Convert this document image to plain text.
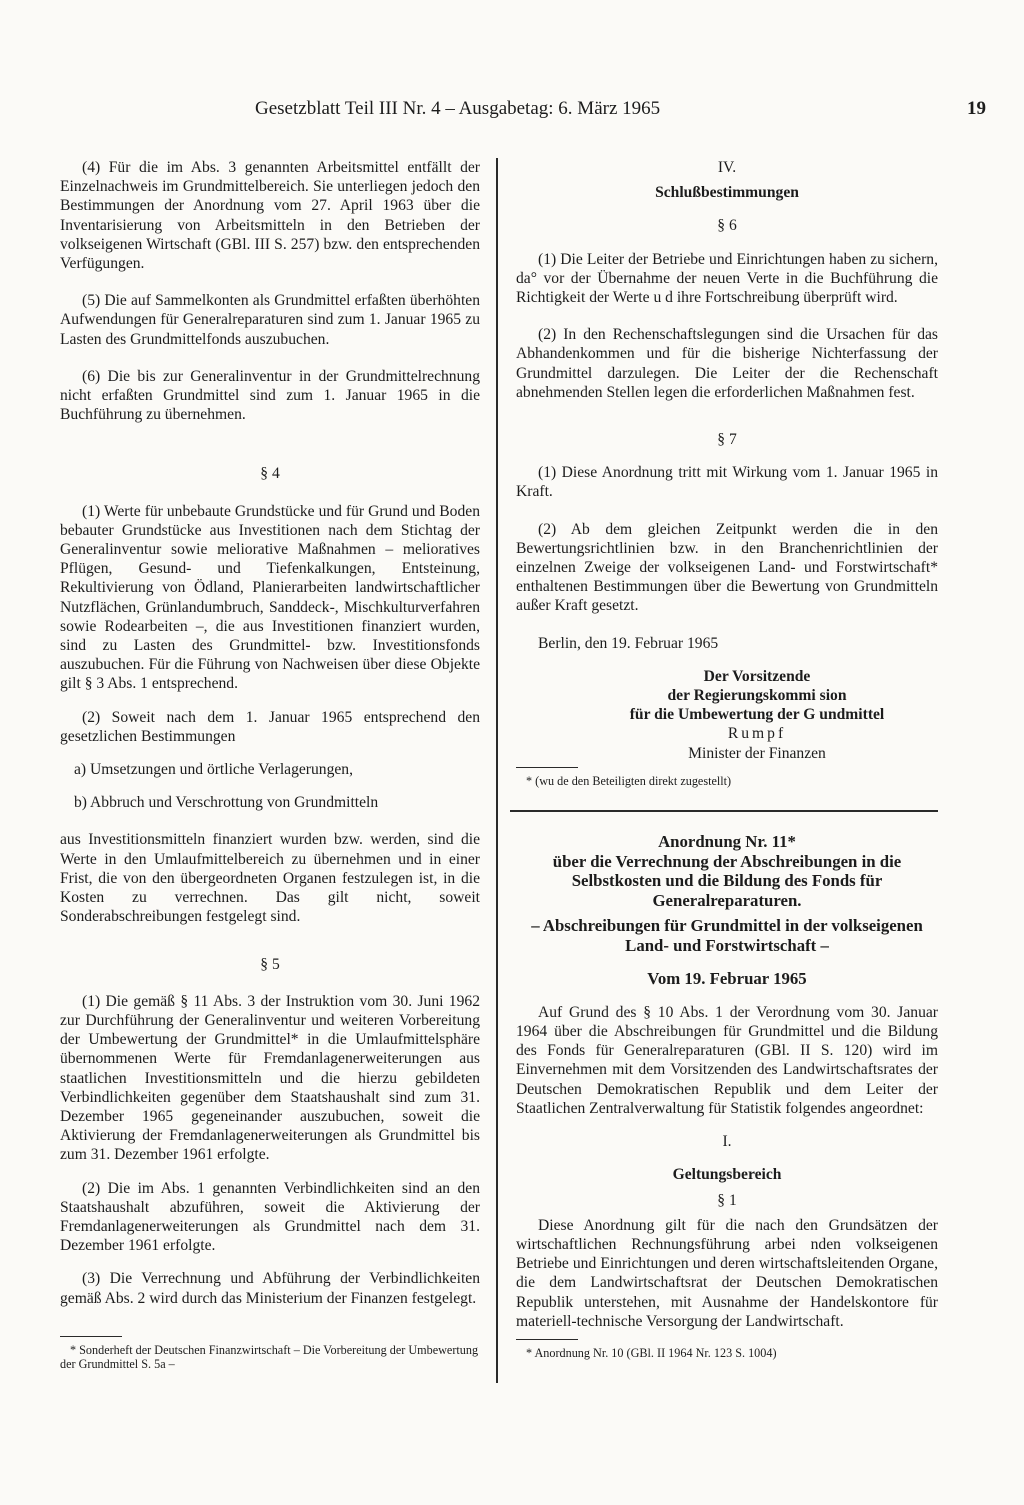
Gesetzblatt Teil III Nr. 4 – Ausgabetag: 6. März 1965	19

(4) Für die im Abs. 3 genannten Arbeitsmittel entfällt der Einzelnachweis im Grundmittelbereich. Sie unterliegen jedoch den Bestimmungen der Anordnung vom 27. April 1963 über die Inventarisierung von Arbeitsmitteln in den Betrieben der volkseigenen Wirtschaft (GBl. III S. 257) bzw. den entsprechenden Verfügungen.

(5) Die auf Sammelkonten als Grundmittel erfaßten überhöhten Aufwendungen für Generalreparaturen sind zum 1. Januar 1965 zu Lasten des Grundmittelfonds auszubuchen.

(6) Die bis zur Generalinventur in der Grundmittelrechnung nicht erfaßten Grundmittel sind zum 1. Januar 1965 in die Buchführung zu übernehmen.

§ 4

(1) Werte für unbebaute Grundstücke und für Grund und Boden bebauter Grundstücke aus Investitionen nach dem Stichtag der Generalinventur sowie meliorative Maßnahmen – melioratives Pflügen, Gesund- und Tiefenkalkungen, Entsteinung, Rekultivierung von Ödland, Planierarbeiten landwirtschaftlicher Nutzflächen, Grünlandumbruch, Sanddeck-, Mischkulturverfahren sowie Rodearbeiten –, die aus Investitionen finanziert wurden, sind zu Lasten des Grundmittel- bzw. Investitionsfonds auszubuchen. Für die Führung von Nachweisen über diese Objekte gilt § 3 Abs. 1 entsprechend.

(2) Soweit nach dem 1. Januar 1965 entsprechend den gesetzlichen Bestimmungen

a) Umsetzungen und örtliche Verlagerungen,

b) Abbruch und Verschrottung von Grundmitteln

aus Investitionsmitteln finanziert wurden bzw. werden, sind die Werte in den Umlaufmittelbereich zu übernehmen und in einer Frist, die von den übergeordneten Organen festzulegen ist, in die Kosten zu verrechnen. Das gilt nicht, soweit Sonderabschreibungen festgelegt sind.

§ 5

(1) Die gemäß § 11 Abs. 3 der Instruktion vom 30. Juni 1962 zur Durchführung der Generalinventur und weiteren Vorbereitung der Umbewertung der Grundmittel* in die Umlaufmittelsphäre übernommenen Werte für Fremdanlagenerweiterungen aus staatlichen Investitionsmitteln und die hierzu gebildeten Verbindlichkeiten gegenüber dem Staatshaushalt sind zum 31. Dezember 1965 gegeneinander auszubuchen, soweit die Aktivierung der Fremdanlagenerweiterungen als Grundmittel bis zum 31. Dezember 1961 erfolgte.

(2) Die im Abs. 1 genannten Verbindlichkeiten sind an den Staatshaushalt abzuführen, soweit die Aktivierung der Fremdanlagenerweiterungen als Grundmittel nach dem 31. Dezember 1961 erfolgte.

(3) Die Verrechnung und Abführung der Verbindlichkeiten gemäß Abs. 2 wird durch das Ministerium der Finanzen festgelegt.

* Sonderheft der Deutschen Finanzwirtschaft – Die Vorbereitung der Umbewertung der Grundmittel S. 5a –

IV.

Schlußbestimmungen

§ 6

(1) Die Leiter der Betriebe und Einrichtungen haben zu sichern, da° vor der Übernahme der neuen Verte in die Buchführung die Richtigkeit der Werte u d ihre Fortschreibung überprüft wird.

(2) In den Rechenschaftslegungen sind die Ursachen für das Abhandenkommen und für die bisherige Nichterfassung der Grundmittel darzulegen. Die Leiter der die Rechenschaft abnehmenden Stellen legen die erforderlichen Maßnahmen fest.

§ 7

(1) Diese Anordnung tritt mit Wirkung vom 1. Januar 1965 in Kraft.

(2) Ab dem gleichen Zeitpunkt werden die in den Bewertungsrichtlinien bzw. in den Branchenrichtlinien der einzelnen Zweige der volkseigenen Land- und Forstwirtschaft* enthaltenen Bestimmungen über die Bewertung von Grundmitteln außer Kraft gesetzt.

Berlin, den 19. Februar 1965

Der Vorsitzende
der Regierungskommi sion
für die Umbewertung der G undmittel
Rumpf
Minister der Finanzen

* (wu de den Beteiligten direkt zugestellt)

Anordnung Nr. 11*

über die Verrechnung der Abschreibungen in die Selbstkosten und die Bildung des Fonds für Generalreparaturen.

– Abschreibungen für Grundmittel in der volkseigenen Land- und Forstwirtschaft –

Vom 19. Februar 1965

Auf Grund des § 10 Abs. 1 der Verordnung vom 30. Januar 1964 über die Abschreibungen für Grundmittel und die Bildung des Fonds für Generalreparaturen (GBl. II S. 120) wird im Einvernehmen mit dem Vorsitzenden des Landwirtschaftsrates der Deutschen Demokratischen Republik und dem Leiter der Staatlichen Zentralverwaltung für Statistik folgendes angeordnet:

I.

Geltungsbereich

§ 1

Diese Anordnung gilt für die nach den Grundsätzen der wirtschaftlichen Rechnungsführung arbei nden volkseigenen Betriebe und Einrichtungen und deren wirtschaftsleitenden Organe, die dem Landwirtschaftsrat der Deutschen Demokratischen Republik unterstehen, mit Ausnahme der Handelskontore für materiell-technische Versorgung der Landwirtschaft.

* Anordnung Nr. 10 (GBl. II 1964 Nr. 123 S. 1004)
